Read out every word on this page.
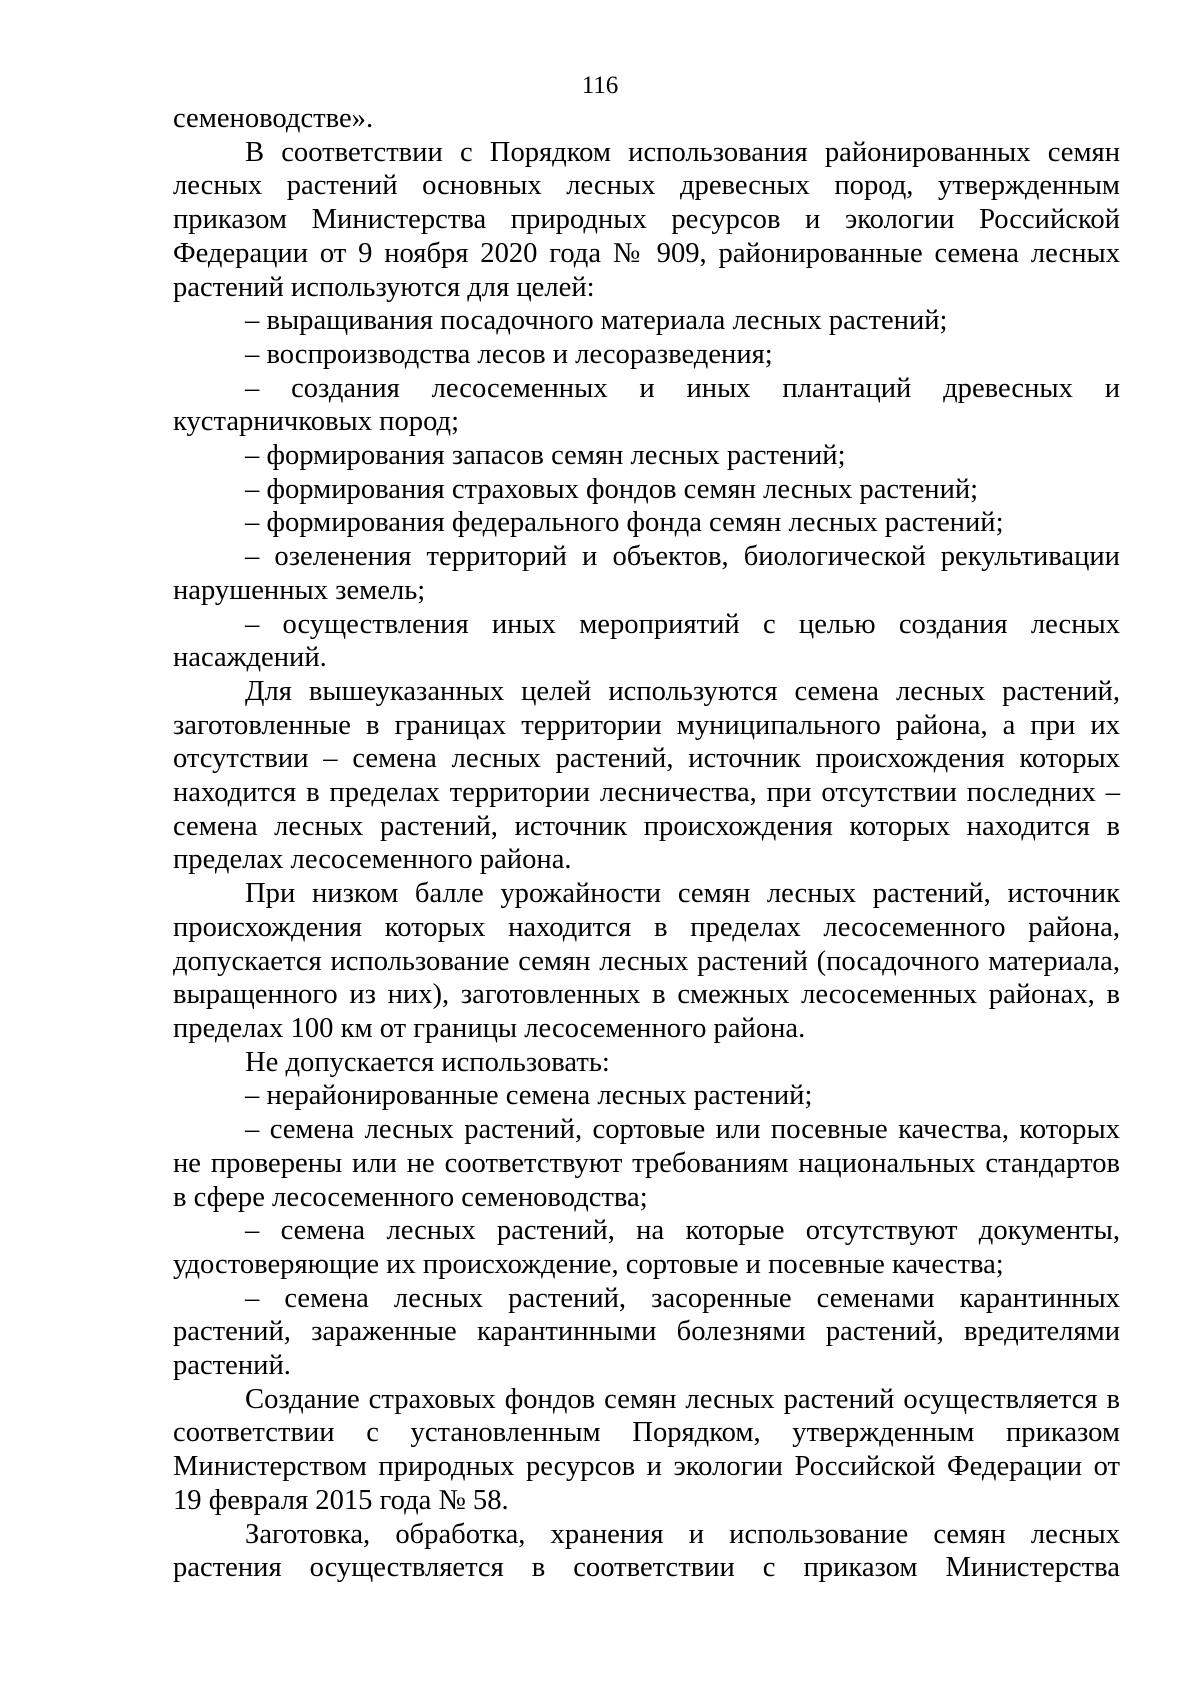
116

семеноводстве».

В соответствии с Порядком использования районированных семян лесных растений основных лесных древесных пород, утвержденным приказом Министерства природных ресурсов и экологии Российской Федерации от 9 ноября 2020 года № 909, районированные семена лесных растений используются для целей:

– выращивания посадочного материала лесных растений;

– воспроизводства лесов и лесоразведения;

– создания лесосеменных и иных плантаций древесных и кустарничковых пород;

– формирования запасов семян лесных растений;

– формирования страховых фондов семян лесных растений;

– формирования федерального фонда семян лесных растений;

– озеленения территорий и объектов, биологической рекультивации нарушенных земель;

– осуществления иных мероприятий с целью создания лесных насаждений.

Для вышеуказанных целей используются семена лесных растений, заготовленные в границах территории муниципального района, а при их отсутствии – семена лесных растений, источник происхождения которых находится в пределах территории лесничества, при отсутствии последних – семена лесных растений, источник происхождения которых находится в пределах лесосеменного района.

При низком балле урожайности семян лесных растений, источник происхождения которых находится в пределах лесосеменного района, допускается использование семян лесных растений (посадочного материала, выращенного из них), заготовленных в смежных лесосеменных районах, в пределах 100 км от границы лесосеменного района.

Не допускается использовать:

– нерайонированные семена лесных растений;

– семена лесных растений, сортовые или посевные качества, которых не проверены или не соответствуют требованиям национальных стандартов в сфере лесосеменного семеноводства;

– семена лесных растений, на которые отсутствуют документы, удостоверяющие их происхождение, сортовые и посевные качества;

– семена лесных растений, засоренные семенами карантинных растений, зараженные карантинными болезнями растений, вредителями растений.

Создание страховых фондов семян лесных растений осуществляется в соответствии с установленным Порядком, утвержденным приказом Министерством природных ресурсов и экологии Российской Федерации от 19 февраля 2015 года № 58.

Заготовка, обработка, хранения и использование семян лесных растения осуществляется в соответствии с приказом Министерства
